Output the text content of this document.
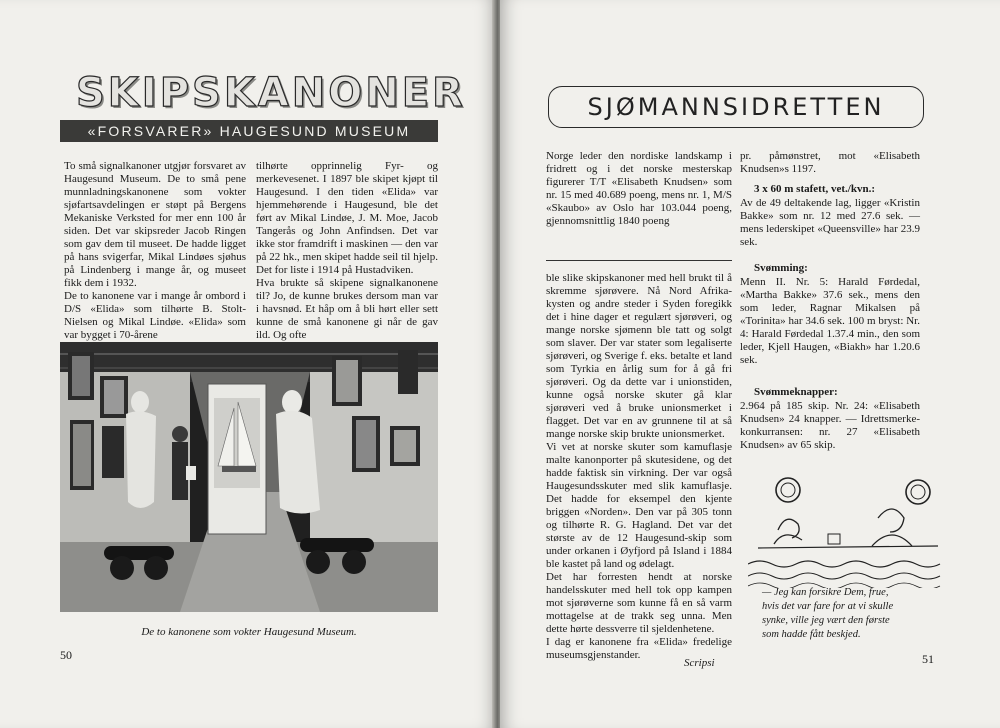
SKIPSKANONER
«FORSVARER» HAUGESUND MUSEUM

To små signalkanoner utgjør forsvaret av Haugesund Museum. De to små pene munnladningskanonene som vokter sjøfartsavdelingen er støpt på Bergens Mekaniske Verksted for mer enn 100 år siden. Det var skipsreder Jacob Ringen som gav dem til museet. De hadde ligget på hans svigerfar, Mikal Lindøes sjøhus på Lindenberg i mange år, og museet fikk dem i 1932.
De to kanonene var i mange år ombord i D/S «Elida» som tilhørte B. Stolt-Nielsen og Mikal Lindøe. «Elida» som var bygget i 70-årene

tilhørte opprinnelig Fyr- og merkevesenet. I 1897 ble skipet kjøpt til Haugesund. I den tiden «Elida» var hjemmehørende i Haugesund, ble det ført av Mikal Lindøe, J. M. Moe, Jacob Tangerås og John Anfindsen. Det var ikke stor framdrift i maskinen — den var på 22 hk., men skipet hadde seil til hjelp. Det for liste i 1914 på Hustadviken.
Hva brukte så skipene signalkanonene til? Jo, de kunne brukes dersom man var i havsnød. Et håp om å bli hørt eller sett kunne de små kanonene gi når de gav ild. Og ofte

De to kanonene som vokter Haugesund Museum.
50
SJØMANNSIDRETTEN

Norge leder den nordiske landskamp i fridrett og i det norske mesterskap figurerer T/T «Elisabeth Knudsen» som nr. 15 med 40.689 poeng, mens nr. 1, M/S «Skaubo» av Oslo har 103.044 poeng, gjennomsnittlig 1840 poeng

pr. påmønstret, mot «Elisabeth Knudsen»s 1197.

3 x 60 m stafett, vet./kvn.:

Av de 49 deltakende lag, ligger «Kristin Bakke» som nr. 12 med 27.6 sek. — mens lederskipet «Queensville» har 23.9 sek.

ble slike skipskanoner med hell brukt til å skremme sjørøvere. Nå Nord Afrika-kysten og andre steder i Syden foregikk det i hine dager et regulært sjørøveri, og mange norske sjømenn ble tatt og solgt som slaver. Der var stater som legaliserte sjørøveri, og Sverige f. eks. betalte et land som Tyrkia en årlig sum for å gå fri sjørøveri. Og da dette var i unionstiden, kunne også norske skuter gå klar sjørøveri ved å bruke unionsmerket i flagget. Det var en av grunnene til at så mange norske skip brukte unionsmerket.
Vi vet at norske skuter som kamuflasje malte kanonporter på skutesidene, og det hadde faktisk sin virkning. Der var også Haugesundsskuter med slik kamuflasje. Det hadde for eksempel den kjente briggen «Norden». Den var på 305 tonn og tilhørte R. G. Hagland. Det var det største av de 12 Haugesund-skip som under orkanen i Øyfjord på Island i 1884 ble kastet på land og ødelagt.
Det har forresten hendt at norske handelsskuter med hell tok opp kampen mot sjørøverne som kunne få en så varm mottagelse at de trakk seg unna. Men dette hørte dessverre til sjeldenhetene.
I dag er kanonene fra «Elida» fredelige museumsgjenstander.

Scripsi
Svømming:

Menn II. Nr. 5: Harald Førdedal, «Martha Bakke» 37.6 sek., mens den som leder, Ragnar Mikalsen på «Torinita» har 34.6 sek. 100 m bryst: Nr. 4: Harald Førdedal 1.37.4 min., den som leder, Kjell Haugen, «Biakh» har 1.20.6 sek.

Svømmeknapper:

2.964 på 185 skip. Nr. 24: «Elisabeth Knudsen» 24 knapper. — Idrettsmerke-konkurransen: nr. 27 «Elisabeth Knudsen» av 65 skip.

— Jeg kan forsikre Dem, frue,
hvis det var fare for at vi skulle
synke, ville jeg vært den første
som hadde fått beskjed.

51
